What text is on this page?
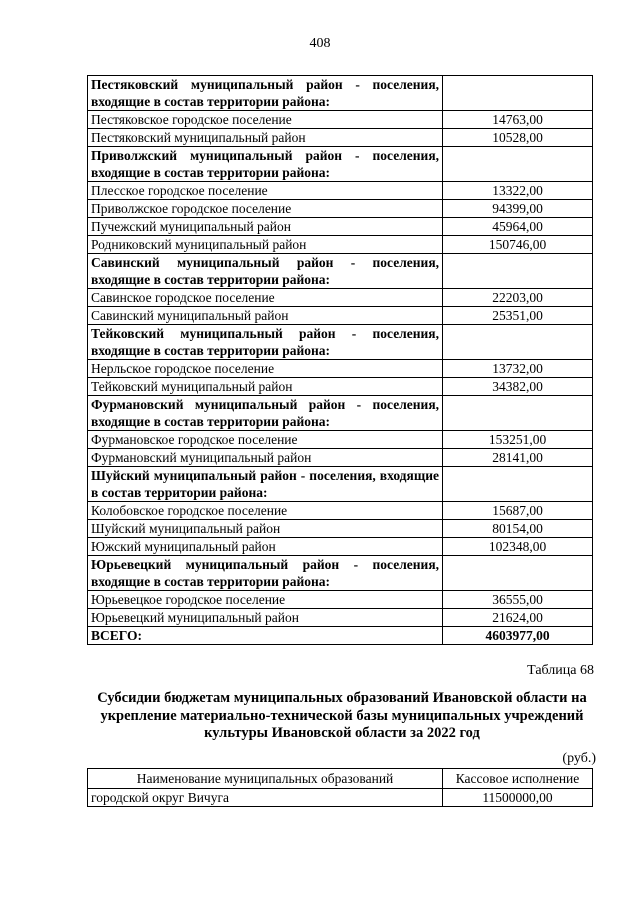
408
Пестяковский муниципальный район - поселения, входящие в состав территории района:	
Пестяковское городское поселение	14763,00
Пестяковский муниципальный район	10528,00
Приволжский муниципальный район - поселения, входящие в состав территории района:	
Плесское городское поселение	13322,00
Приволжское городское поселение	94399,00
Пучежский муниципальный район	45964,00
Родниковский муниципальный район	150746,00
Савинский муниципальный район - поселения, входящие в состав территории района:	
Савинское городское поселение	22203,00
Савинский муниципальный район	25351,00
Тейковский муниципальный район - поселения, входящие в состав территории района:	
Нерльское городское поселение	13732,00
Тейковский муниципальный район	34382,00
Фурмановский муниципальный район - поселения, входящие в состав территории района:	
Фурмановское городское поселение	153251,00
Фурмановский муниципальный район	28141,00
Шуйский муниципальный район - поселения, входящие в состав территории района:	
Колобовское городское поселение	15687,00
Шуйский муниципальный район	80154,00
Южский муниципальный район	102348,00
Юрьевецкий муниципальный район - поселения, входящие в состав территории района:	
Юрьевецкое городское поселение	36555,00
Юрьевецкий муниципальный район	21624,00
ВСЕГО:	4603977,00
Таблица 68
Субсидии бюджетам муниципальных образований Ивановской области на укрепление материально-технической базы муниципальных учреждений культуры Ивановской области за 2022 год
(руб.)
Наименование муниципальных образований	Кассовое исполнение
городской округ Вичуга	11500000,00
